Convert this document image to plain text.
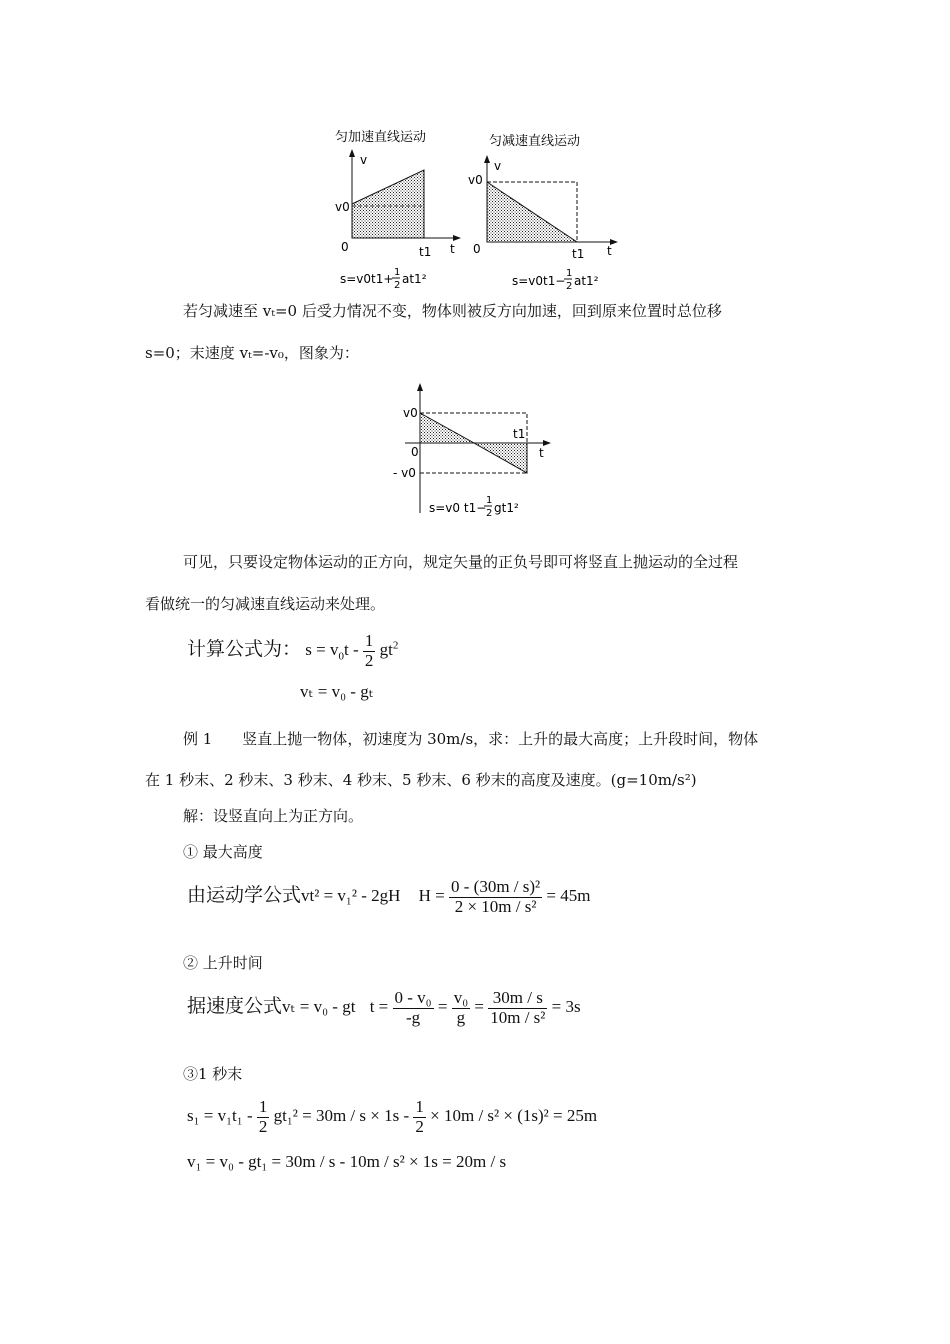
匀加速直线运动
v
v0
0	t1 t
s=v0t1+ 1
2 at1²
匀减速直线运动
v
v0
0	t1 t
s=v0t1−
1
2 at1²
若匀减速至 vₜ=0 后受力情况不变，物体则被反方向加速，回到原来位置时总位移
s=0；末速度 vₜ=-v₀，图象为：
v0
0
- v0
t1
t
s=v0 t1−
1
2 gt1²
可见，只要设定物体运动的正方向，规定矢量的正负号即可将竖直上抛运动的全过程
看做统一的匀减速直线运动来处理。
计算公式为： $s = v_0t - \frac{1}{2} gt^2$
vₜ = v₀ - gₜ
例 1　　竖直上抛一物体，初速度为 30m/s，求：上升的最大高度；上升段时间，物体
在 1 秒末、2 秒末、3 秒末、4 秒末、5 秒末、6 秒末的高度及速度。(g=10m/s²)
解：设竖直向上为正方向。
① 最大高度
由运动学公式vt² = v₁² - 2gH $H = \frac{\text{0 - (30m / s)²}}{\text{2 × 10m / s²}} = 45m$
② 上升时间
据速度公式vₜ = v₀ - gt $t = \frac{\text{0 - v₀}}{-g} = \frac{\text{v₀}}{g} = \frac{30m / s}{\text{10m / s²}} = 3s$
③1 秒末
$s_1 = v_1t_1 - \frac{1}{2} gt_1^2 = 30m / s \times 1s - \frac{1}{2} \times 10m / s^2 \times (1s)^2 = 25m$
v₁ = v₀ - gt₁ = 30m / s - 10m / s² × 1s = 20m / s
